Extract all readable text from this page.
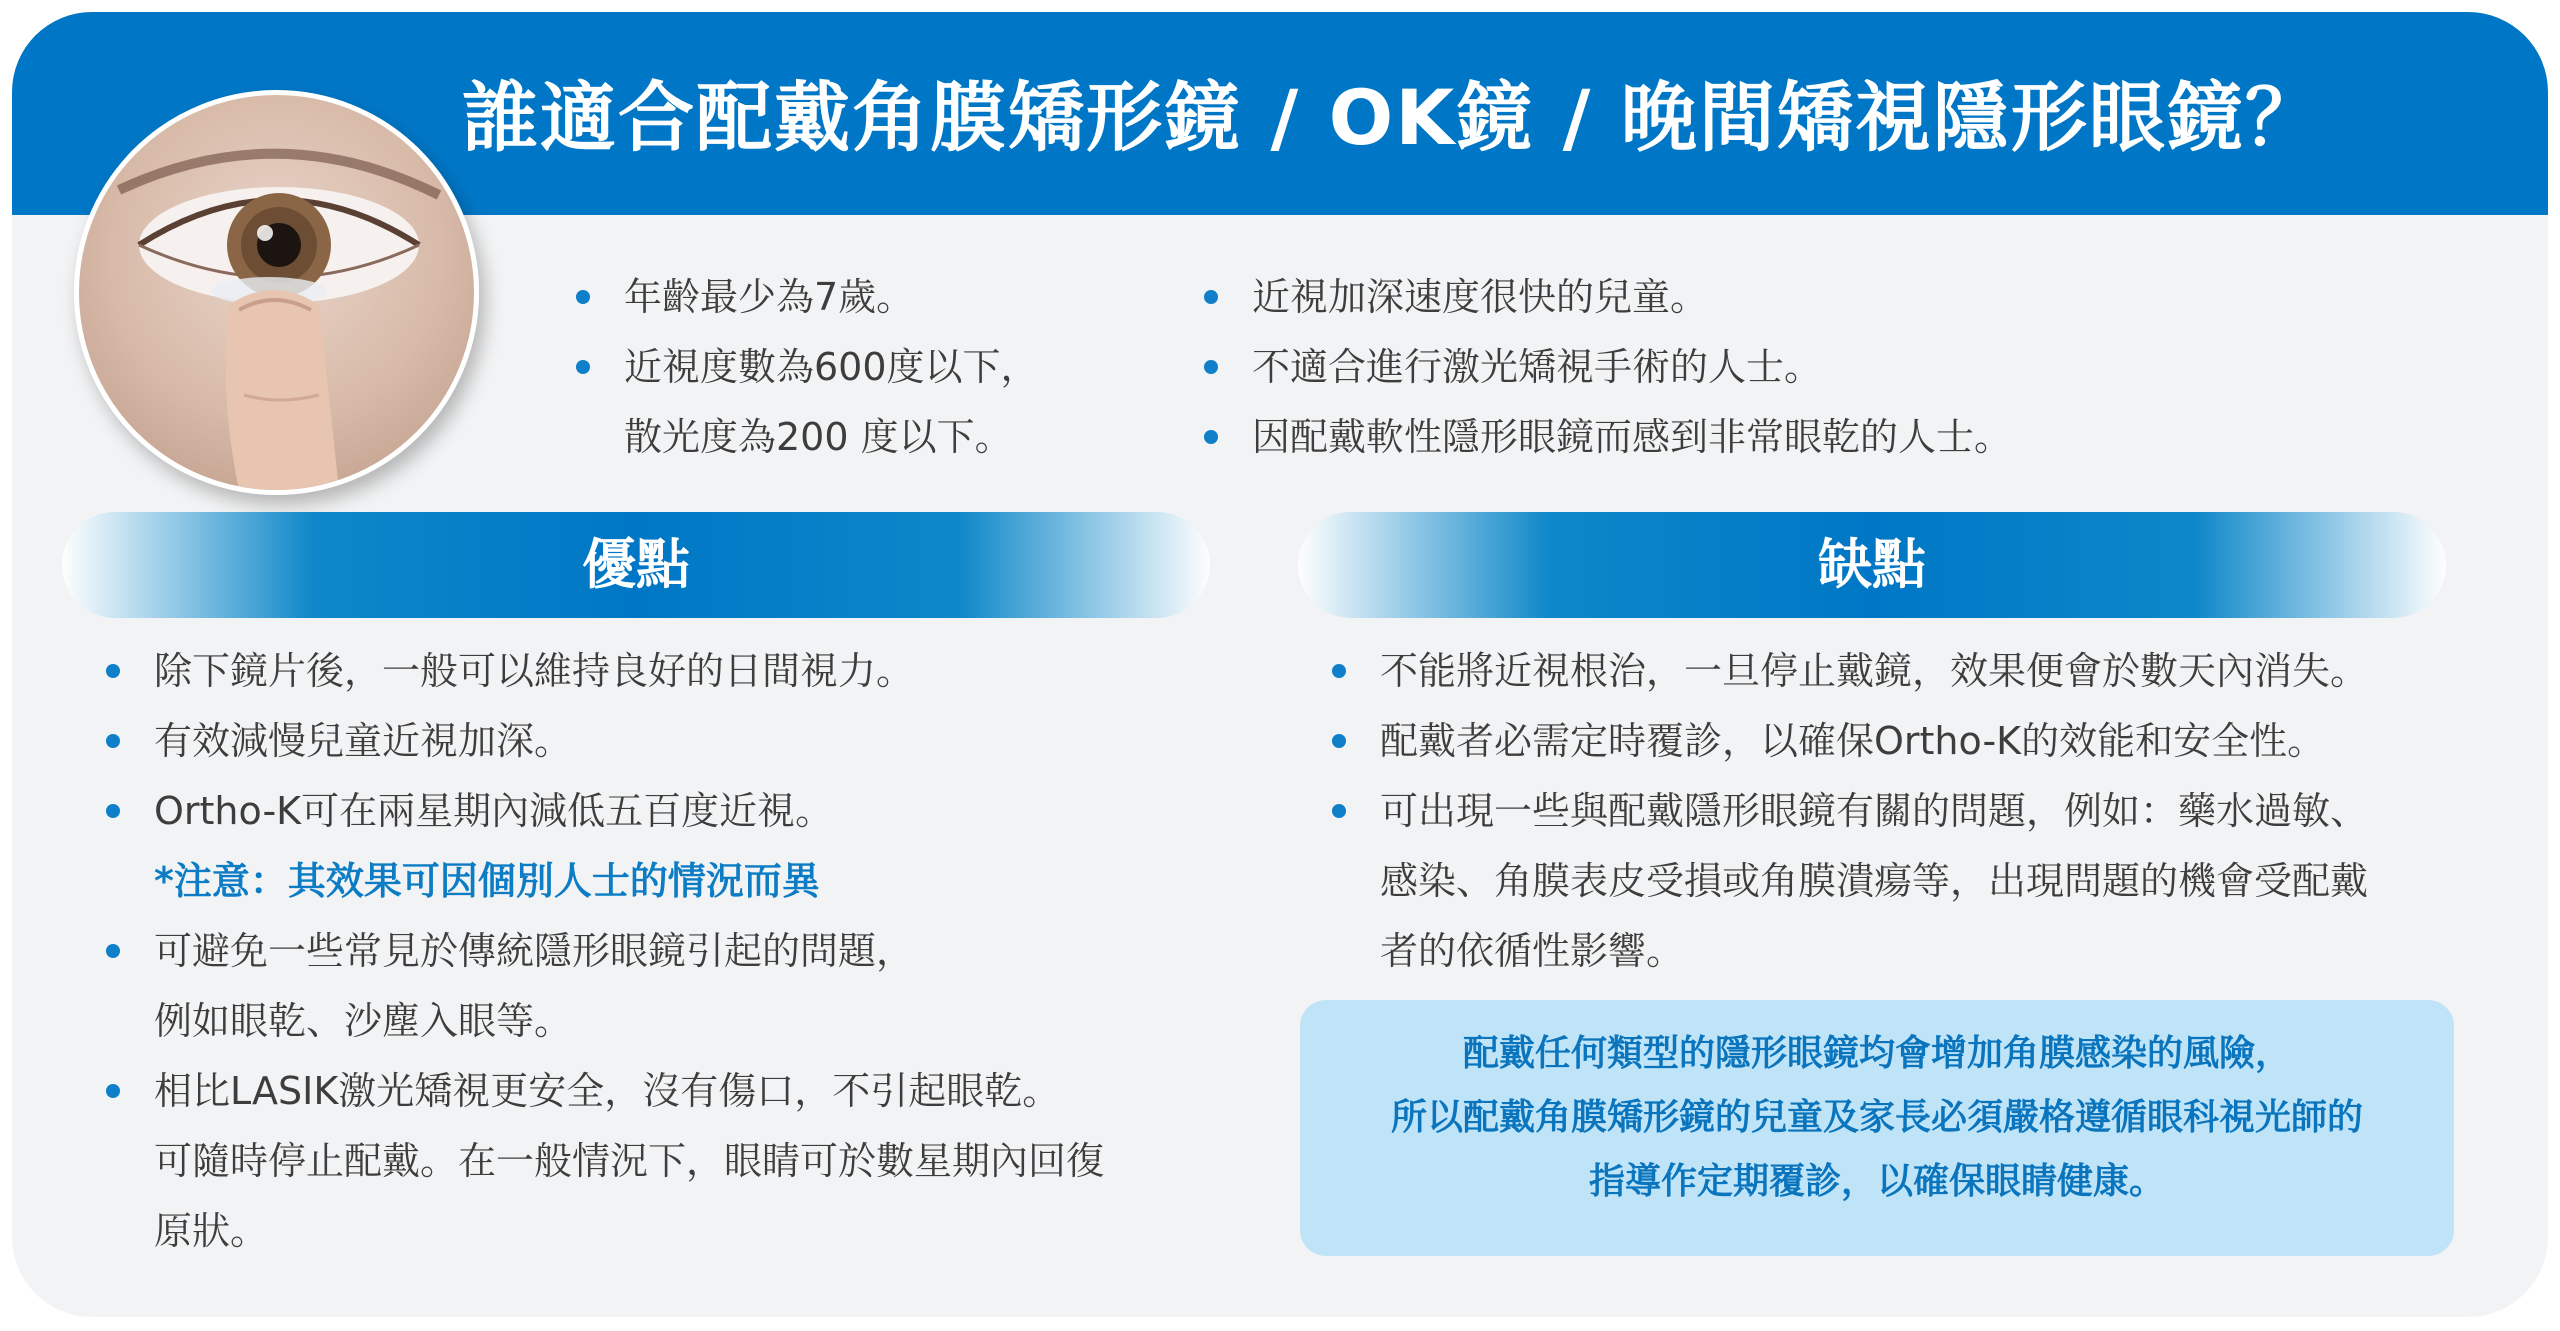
誰適合配戴角膜矯形鏡 / OK鏡 / 晚間矯視隱形眼鏡？
年齡最少為7歲。
近視度數為600度以下，
散光度為200 度以下。
近視加深速度很快的兒童。
不適合進行激光矯視手術的人士。
因配戴軟性隱形眼鏡而感到非常眼乾的人士。
優點	缺點
除下鏡片後，一般可以維持良好的日間視力。
有效減慢兒童近視加深。
Ortho-K可在兩星期內減低五百度近視。
*注意：其效果可因個別人士的情況而異
可避免一些常見於傳統隱形眼鏡引起的問題，
例如眼乾、沙塵入眼等。
相比LASIK激光矯視更安全，沒有傷口，不引起眼乾。
可隨時停止配戴。在一般情況下，眼睛可於數星期內回復
原狀。
不能將近視根治，一旦停止戴鏡，效果便會於數天內消失。
配戴者必需定時覆診，以確保Ortho-K的效能和安全性。
可出現一些與配戴隱形眼鏡有關的問題，例如：藥水過敏、
感染、角膜表皮受損或角膜潰瘍等，出現問題的機會受配戴
者的依循性影響。
配戴任何類型的隱形眼鏡均會增加角膜感染的風險，
所以配戴角膜矯形鏡的兒童及家長必須嚴格遵循眼科視光師的
指導作定期覆診，以確保眼睛健康。
